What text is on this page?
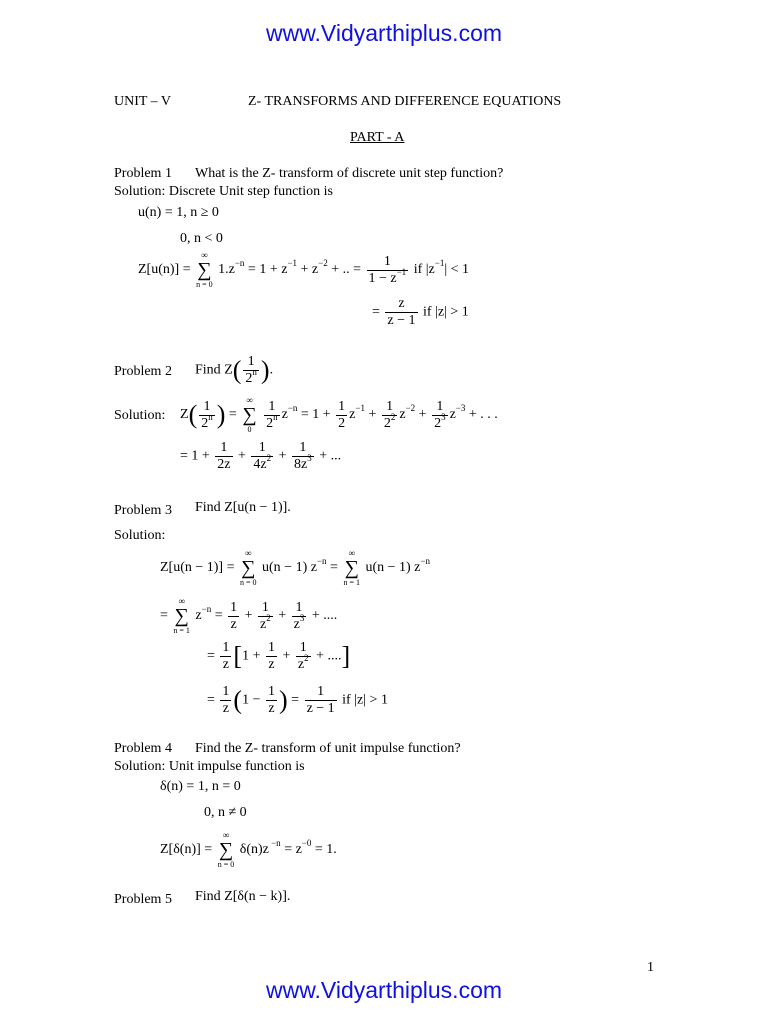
www.Vidyarthiplus.com
UNIT – V	Z- TRANSFORMS AND DIFFERENCE EQUATIONS
PART - A
Problem 1 What is the Z- transform of discrete unit step function?
Solution: Discrete Unit step function is
u(n) = 1, n ≥ 0
0, n < 0
Z[u(n)] =
∞
∑
n = 0
$1.z^{-n} = 1 + z^{-1} + z^{-2}$ + .. = $\frac{1}{1 - z^{-1}}$ if $|z^{-1}| < 1$
= $\frac{z}{z - 1}$ if |z| > 1
Problem 2 Find $Z( \frac{1}{2^n}$ ).
Solution: $Z( \frac{1}{2^n}$ ) =
∞
∑
0
$\frac{1}{2^n} z^{-n} = 1 + \frac{1}{2} z^{-1} + \frac{1}{2^2} z^{-2} + \frac{1}{2^3} z^{-3}$ + . . .
= $1 + \frac{1}{2z} + \frac{1}{4z^2} + \frac{1}{8z^3}$ + ...
Problem 3 Find Z[u(n − 1)].
Solution:
Z[u(n − 1)] =
∞
∑
n = 0
u(n − 1) $z^{-n}$ =
∞
∑
n = 1
u(n − 1) $z^{-n}$
=
∞
∑
n = 1
$z^{-n} = \frac{1}{z} + \frac{1}{z^2} + \frac{1}{z^3}$ + ....
= $\frac{1}{z} [1 + \frac{1}{z} + \frac{1}{z^2}$ + ....]
= $\frac{1}{z} (1 - \frac{1}{z}$ ) = $\frac{1}{z - 1}$ if |z| > 1
Problem 4 Find the Z- transform of unit impulse function?
Solution: Unit impulse function is
δ(n) = 1, n = 0
0, n ≠ 0
Z[δ(n)] =
∞
∑
n = 0
δ(n)z $^{-n} = z^{-0} = 1$.
Problem 5 Find Z[δ(n − k)].
1
www.Vidyarthiplus.com
